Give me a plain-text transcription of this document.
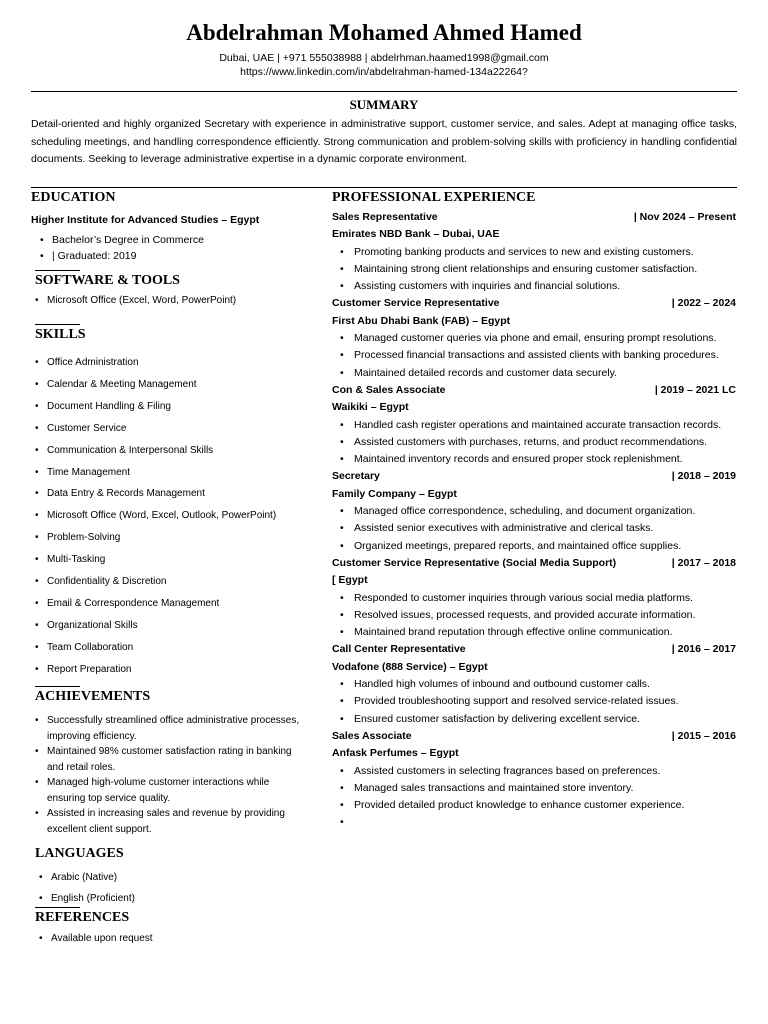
Abdelrahman Mohamed Ahmed Hamed
Dubai, UAE | +971 555038988 | abdelrhman.haamed1998@gmail.com
https://www.linkedin.com/in/abdelrahman-hamed-134a22264?
SUMMARY

Detail-oriented and highly organized Secretary with experience in administrative support, customer service, and sales. Adept at managing office tasks, scheduling meetings, and handling correspondence efficiently. Strong communication and problem-solving skills with proficiency in handling confidential documents. Seeking to leverage administrative expertise in a dynamic corporate environment.

EDUCATION
Higher Institute for Advanced Studies – Egypt
• Bachelor’s Degree in Commerce
• | Graduated: 2019
SOFTWARE & TOOLS
• Microsoft Office (Excel, Word, PowerPoint)
SKILLS
• Office Administration
• Calendar & Meeting Management
• Document Handling & Filing
• Customer Service
• Communication & Interpersonal Skills
• Time Management
• Data Entry & Records Management
• Microsoft Office (Word, Excel, Outlook, PowerPoint)
• Problem-Solving
• Multi-Tasking
• Confidentiality & Discretion
• Email & Correspondence Management
• Organizational Skills
• Team Collaboration
• Report Preparation
ACHIEVEMENTS
• Successfully streamlined office administrative processes, improving efficiency.
• Maintained 98% customer satisfaction rating in banking and retail roles.
• Managed high-volume customer interactions while ensuring top service quality.
• Assisted in increasing sales and revenue by providing excellent client support.
LANGUAGES
• Arabic (Native)
• English (Proficient)
REFERENCES
• Available upon request
PROFESSIONAL EXPERIENCE
Sales Representative	| Nov 2024 – Present
Emirates NBD Bank – Dubai, UAE
• Promoting banking products and services to new and existing customers.
• Maintaining strong client relationships and ensuring customer satisfaction.
• Assisting customers with inquiries and financial solutions.
Customer Service Representative	| 2022 – 2024
First Abu Dhabi Bank (FAB) – Egypt
• Managed customer queries via phone and email, ensuring prompt resolutions.
• Processed financial transactions and assisted clients with banking procedures.
• Maintained detailed records and customer data securely.
Con & Sales Associate	| 2019 – 2021 LC
Waikiki – Egypt
• Handled cash register operations and maintained accurate transaction records.
• Assisted customers with purchases, returns, and product recommendations.
• Maintained inventory records and ensured proper stock replenishment.
Secretary	| 2018 – 2019
Family Company – Egypt
• Managed office correspondence, scheduling, and document organization.
• Assisted senior executives with administrative and clerical tasks.
• Organized meetings, prepared reports, and maintained office supplies.
Customer Service Representative (Social Media Support)	| 2017 – 2018
[ Egypt
• Responded to customer inquiries through various social media platforms.
• Resolved issues, processed requests, and provided accurate information.
• Maintained brand reputation through effective online communication.
Call Center Representative	| 2016 – 2017
Vodafone (888 Service) – Egypt
• Handled high volumes of inbound and outbound customer calls.
• Provided troubleshooting support and resolved service-related issues.
• Ensured customer satisfaction by delivering excellent service.
Sales Associate	| 2015 – 2016
Anfask Perfumes – Egypt
• Assisted customers in selecting fragrances based on preferences.
• Managed sales transactions and maintained store inventory.
• Provided detailed product knowledge to enhance customer experience.
•
